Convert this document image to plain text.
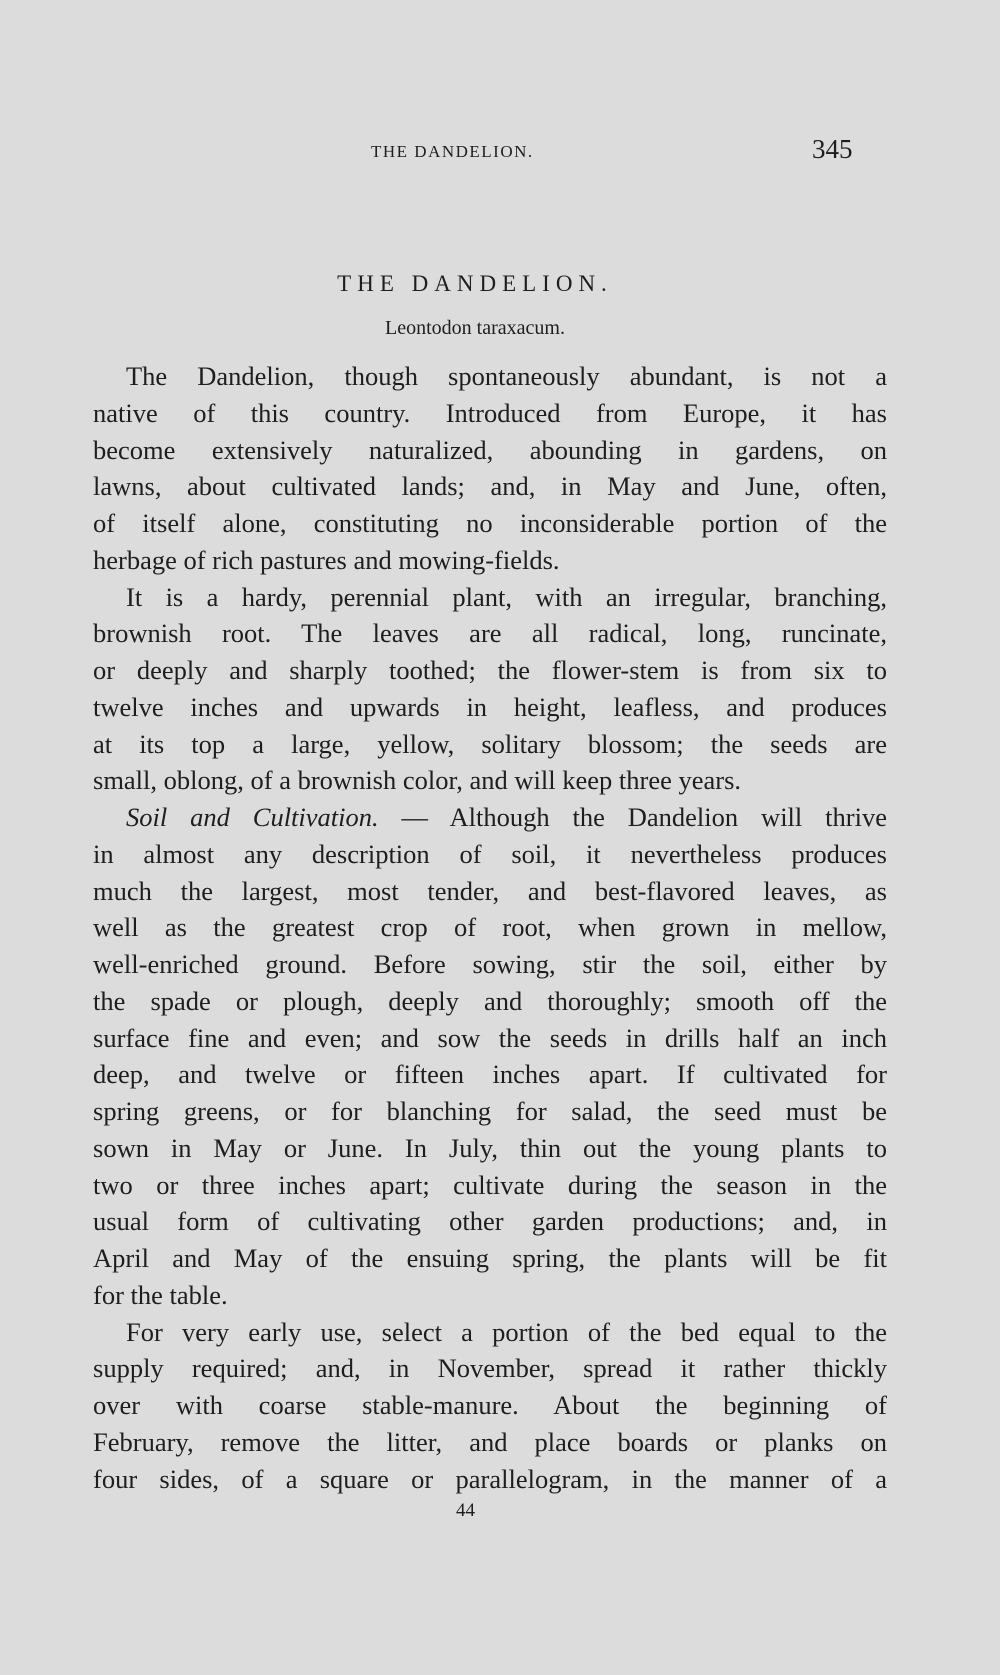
THE DANDELION.	345
THE DANDELION.
Leontodon taraxacum.
The Dandelion, though spontaneously abundant, is not a
native of this country. Introduced from Europe, it has
become extensively naturalized, abounding in gardens, on
lawns, about cultivated lands; and, in May and June, often,
of itself alone, constituting no inconsiderable portion of the
herbage of rich pastures and mowing-fields.
It is a hardy, perennial plant, with an irregular, branching,
brownish root. The leaves are all radical, long, runcinate,
or deeply and sharply toothed; the flower-stem is from six to
twelve inches and upwards in height, leafless, and produces
at its top a large, yellow, solitary blossom; the seeds are
small, oblong, of a brownish color, and will keep three years.
Soil and Cultivation. — Although the Dandelion will thrive
in almost any description of soil, it nevertheless produces
much the largest, most tender, and best-flavored leaves, as
well as the greatest crop of root, when grown in mellow,
well-enriched ground. Before sowing, stir the soil, either by
the spade or plough, deeply and thoroughly; smooth off the
surface fine and even; and sow the seeds in drills half an inch
deep, and twelve or fifteen inches apart. If cultivated for
spring greens, or for blanching for salad, the seed must be
sown in May or June. In July, thin out the young plants to
two or three inches apart; cultivate during the season in the
usual form of cultivating other garden productions; and, in
April and May of the ensuing spring, the plants will be fit
for the table.
For very early use, select a portion of the bed equal to the
supply required; and, in November, spread it rather thickly
over with coarse stable-manure. About the beginning of
February, remove the litter, and place boards or planks on
four sides, of a square or parallelogram, in the manner of a
44
